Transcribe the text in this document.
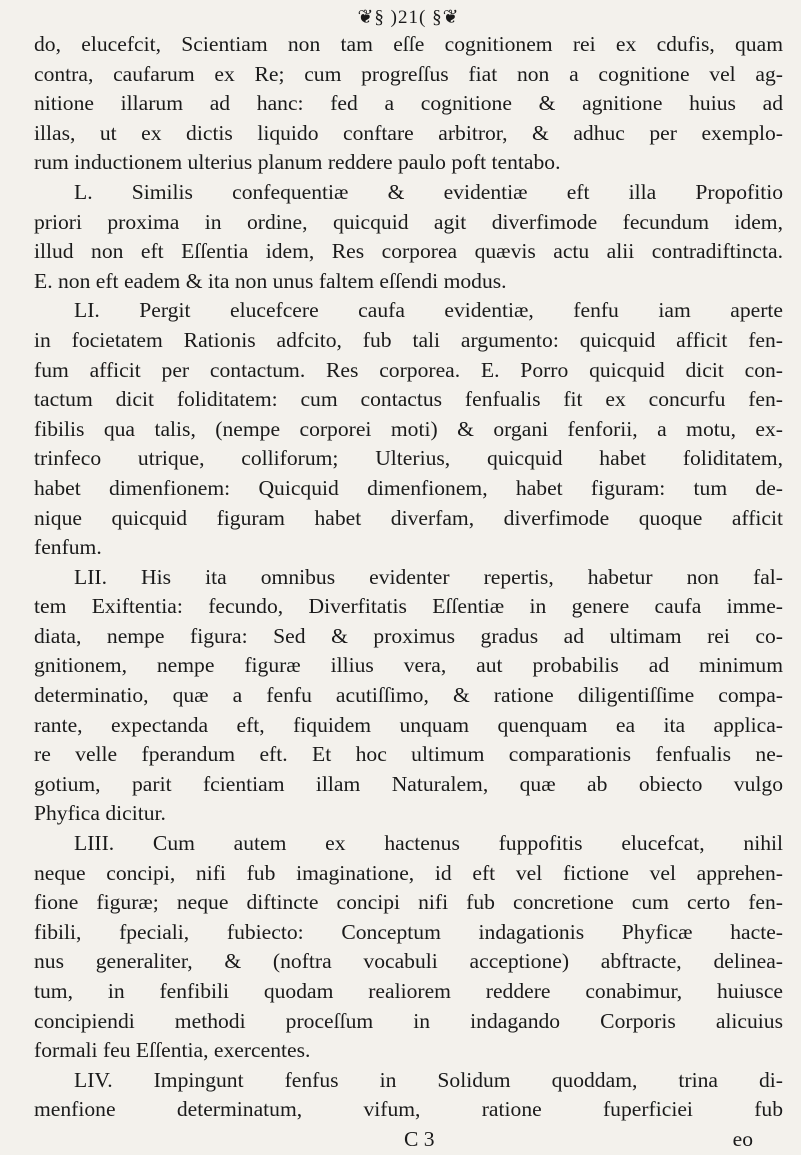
❦§ )21( §❦
do, elucefcit, Scientiam non tam eſſe cognitionem rei ex cdufis, quam
contra, caufarum ex Re; cum progreſſus fiat non a cognitione vel ag-
nitione illarum ad hanc: fed a cognitione & agnitione huius ad
illas, ut ex dictis liquido conftare arbitror, & adhuc per exemplo-
rum inductionem ulterius planum reddere paulo poft tentabo.
L. Similis confequentiæ & evidentiæ eft illa Propofitio
priori proxima in ordine, quicquid agit diverfimode fecundum idem,
illud non eft Eſſentia idem, Res corporea quævis actu alii contradiftincta.
E. non eft eadem & ita non unus faltem eſſendi modus.
LI. Pergit elucefcere caufa evidentiæ, fenfu iam aperte
in focietatem Rationis adfcito, fub tali argumento: quicquid afficit fen-
fum afficit per contactum. Res corporea. E. Porro quicquid dicit con-
tactum dicit foliditatem: cum contactus fenfualis fit ex concurfu fen-
fibilis qua talis, (nempe corporei moti) & organi fenforii, a motu, ex-
trinfeco utrique, colliforum; Ulterius, quicquid habet foliditatem,
habet dimenfionem: Quicquid dimenfionem, habet figuram: tum de-
nique quicquid figuram habet diverfam, diverfimode quoque afficit
fenfum.
LII. His ita omnibus evidenter repertis, habetur non fal-
tem Exiftentia: fecundo, Diverfitatis Eſſentiæ in genere caufa imme-
diata, nempe figura: Sed & proximus gradus ad ultimam rei co-
gnitionem, nempe figuræ illius vera, aut probabilis ad minimum
determinatio, quæ a fenfu acutiſſimo, & ratione diligentiſſime compa-
rante, expectanda eft, fiquidem unquam quenquam ea ita applica-
re velle fperandum eft. Et hoc ultimum comparationis fenfualis ne-
gotium, parit fcientiam illam Naturalem, quæ ab obiecto vulgo
Phyfica dicitur.
LIII. Cum autem ex hactenus fuppofitis elucefcat, nihil
neque concipi, nifi fub imaginatione, id eft vel fictione vel apprehen-
fione figuræ; neque diftincte concipi nifi fub concretione cum certo fen-
fibili, fpeciali, fubiecto: Conceptum indagationis Phyficæ hacte-
nus generaliter, & (noftra vocabuli acceptione) abftracte, delinea-
tum, in fenfibili quodam realiorem reddere conabimur, huiusce
concipiendi methodi proceſſum in indagando Corporis alicuius
formali feu Eſſentia, exercentes.
LIV. Impingunt fenfus in Solidum quoddam, trina di-
menfione determinatum, vifum, ratione fuperficiei fub
C 3	eo
